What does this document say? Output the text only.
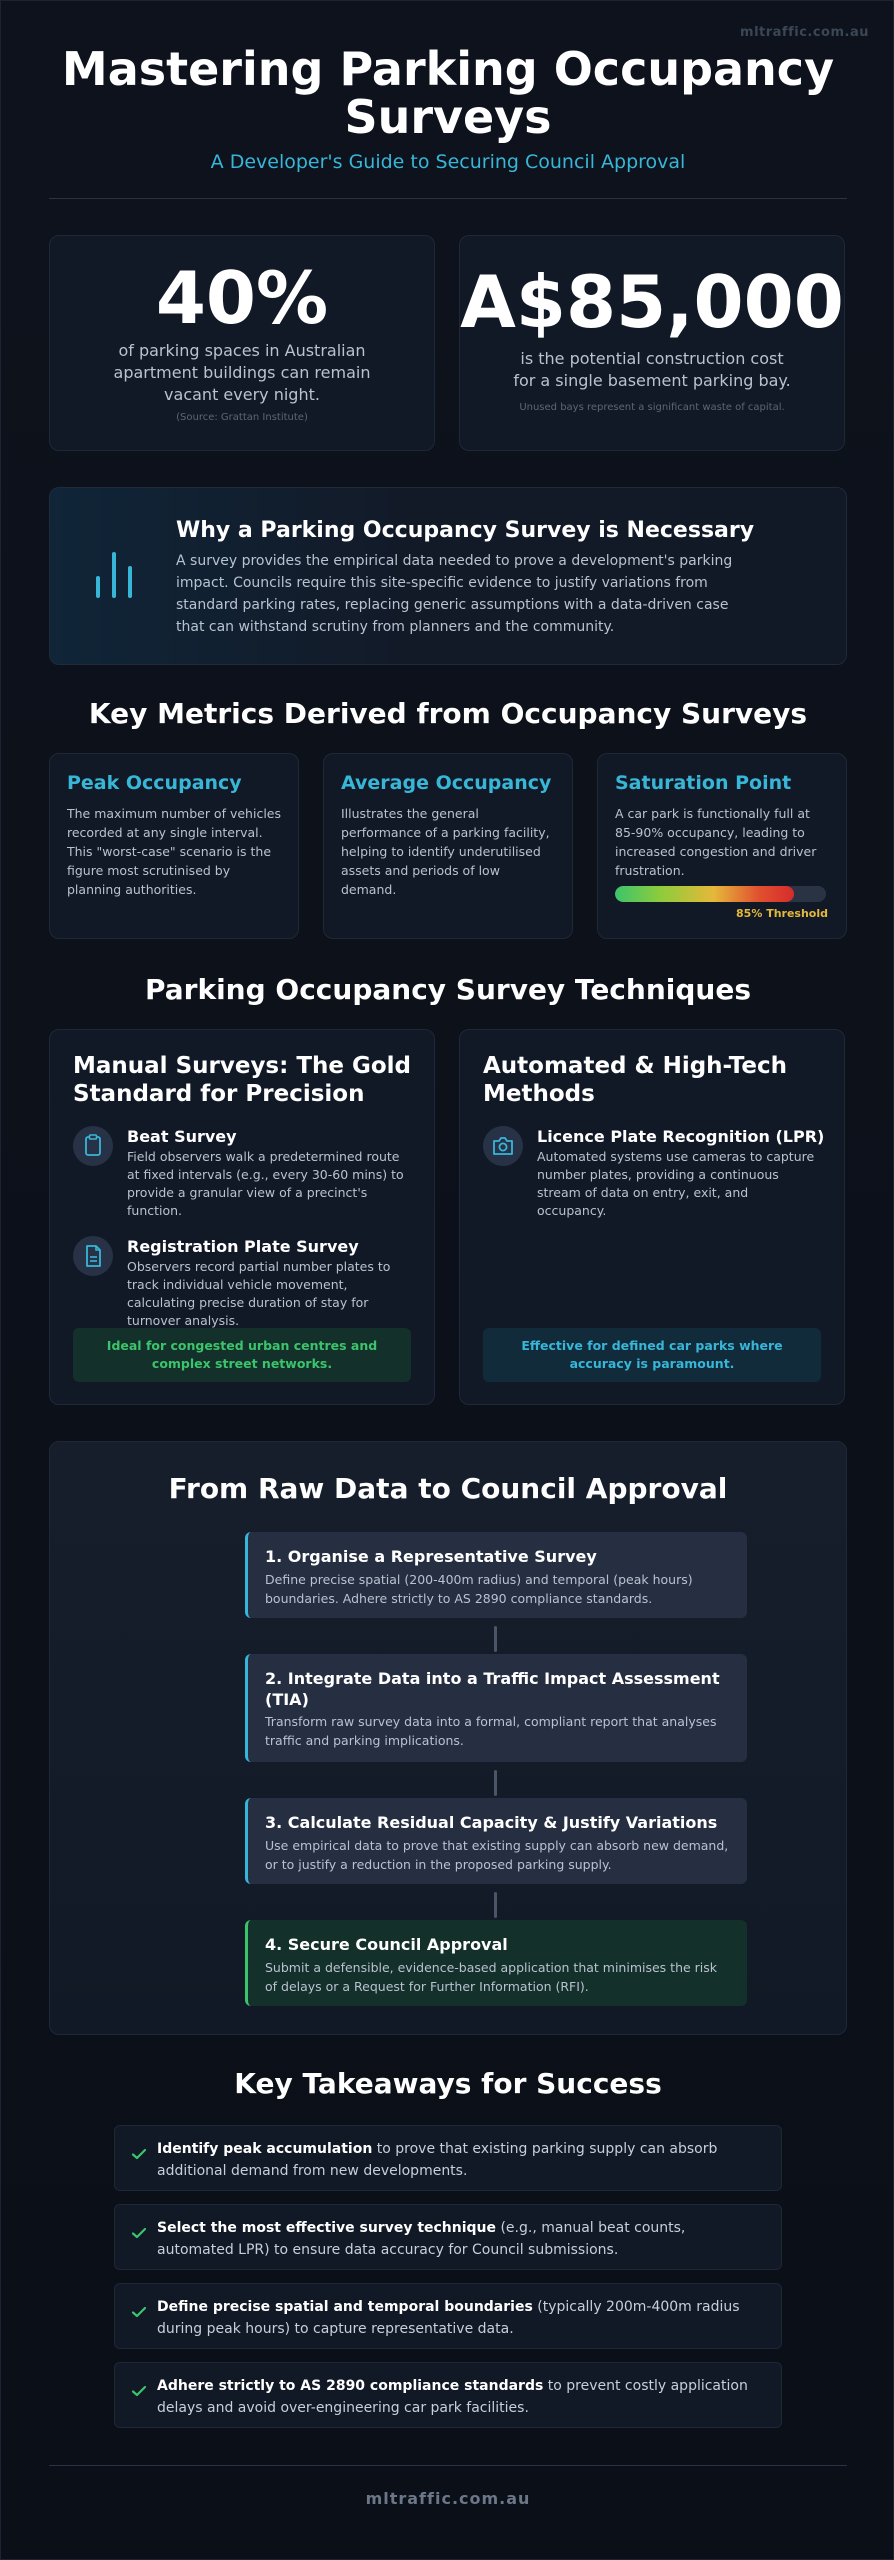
mltraffic.com.au
Mastering Parking Occupancy
Surveys
A Developer's Guide to Securing Council Approval
40%
of parking spaces in Australian apartment buildings can remain vacant every night.
(Source: Grattan Institute)
A$85,000
is the potential construction cost for a single basement parking bay.
Unused bays represent a significant waste of capital.
Why a Parking Occupancy Survey is Necessary
A survey provides the empirical data needed to prove a development's parking impact. Councils require this site-specific evidence to justify variations from standard parking rates, replacing generic assumptions with a data-driven case that can withstand scrutiny from planners and the community.
Key Metrics Derived from Occupancy Surveys
Peak Occupancy
The maximum number of vehicles recorded at any single interval. This "worst-case" scenario is the figure most scrutinised by planning authorities.
Average Occupancy
Illustrates the general performance of a parking facility, helping to identify underutilised assets and periods of low demand.
Saturation Point
A car park is functionally full at 85-90% occupancy, leading to increased congestion and driver frustration.
85% Threshold
Parking Occupancy Survey Techniques
Manual Surveys: The Gold Standard for Precision
Beat Survey
Field observers walk a predetermined route at fixed intervals (e.g., every 30-60 mins) to provide a granular view of a precinct's function.
Registration Plate Survey
Observers record partial number plates to track individual vehicle movement, calculating precise duration of stay for turnover analysis.
Ideal for congested urban centres and complex street networks.
Automated & High-Tech Methods
Licence Plate Recognition (LPR)
Automated systems use cameras to capture number plates, providing a continuous stream of data on entry, exit, and occupancy.
Effective for defined car parks where accuracy is paramount.
From Raw Data to Council Approval
1. Organise a Representative Survey
Define precise spatial (200-400m radius) and temporal (peak hours) boundaries. Adhere strictly to AS 2890 compliance standards.
2. Integrate Data into a Traffic Impact Assessment (TIA)
Transform raw survey data into a formal, compliant report that analyses traffic and parking implications.
3. Calculate Residual Capacity & Justify Variations
Use empirical data to prove that existing supply can absorb new demand, or to justify a reduction in the proposed parking supply.
4. Secure Council Approval
Submit a defensible, evidence-based application that minimises the risk of delays or a Request for Further Information (RFI).
Key Takeaways for Success
Identify peak accumulation to prove that existing parking supply can absorb additional demand from new developments.
Select the most effective survey technique (e.g., manual beat counts, automated LPR) to ensure data accuracy for Council submissions.
Define precise spatial and temporal boundaries (typically 200m-400m radius during peak hours) to capture representative data.
Adhere strictly to AS 2890 compliance standards to prevent costly application delays and avoid over-engineering car park facilities.
mltraffic.com.au
